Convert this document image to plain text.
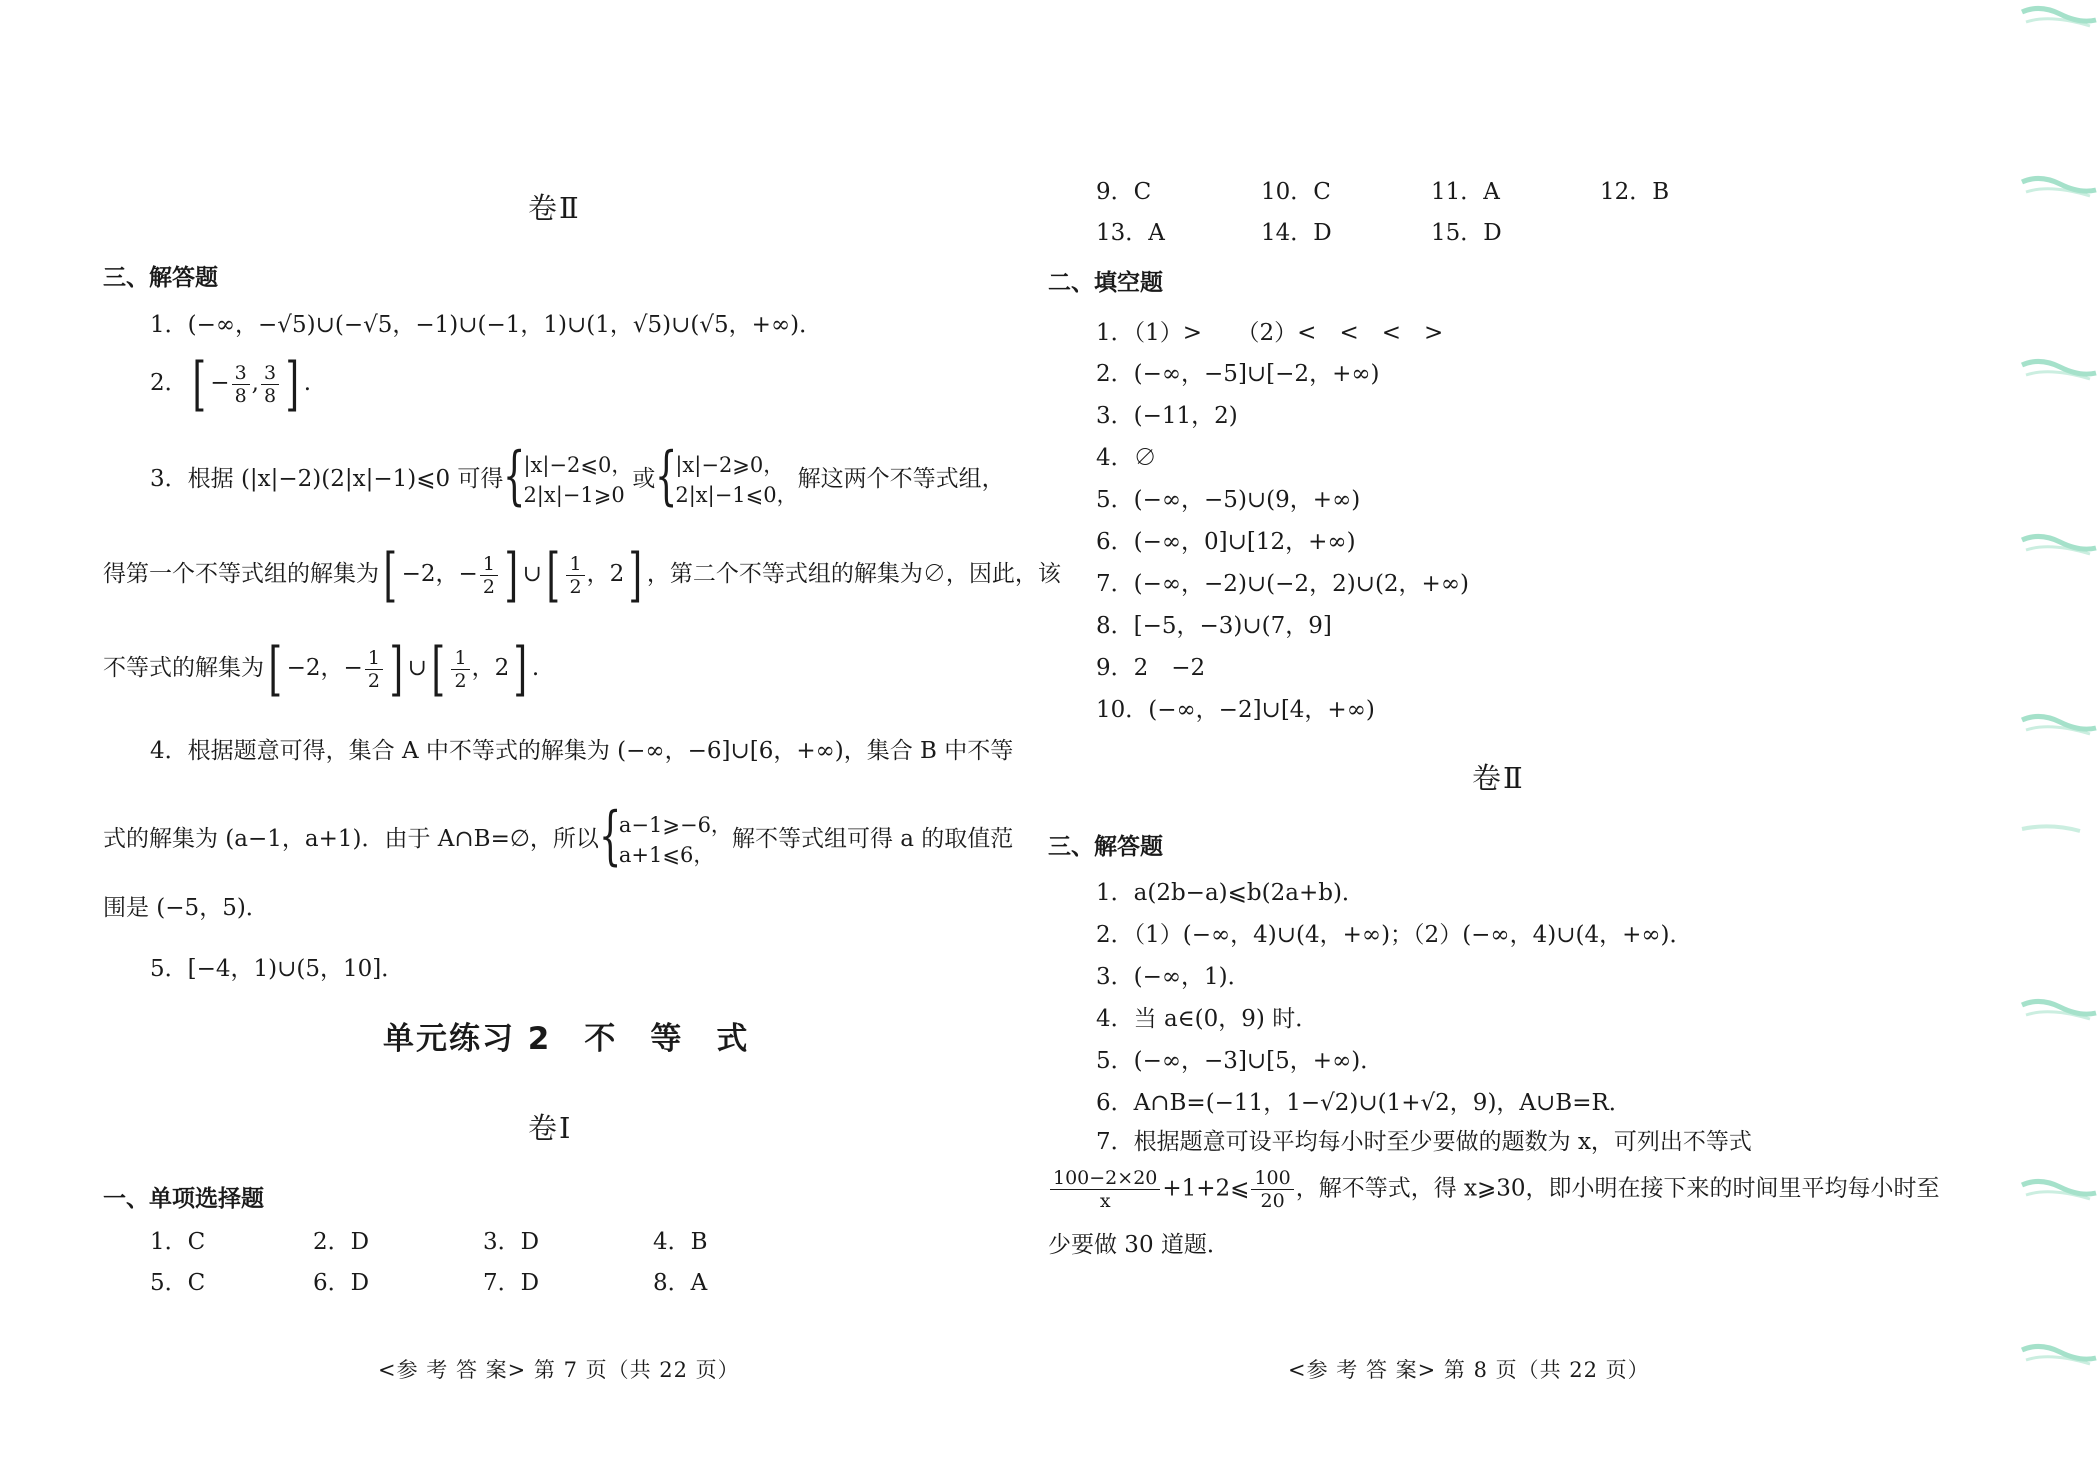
卷Ⅱ
三、解答题
1．(−∞，−√5)∪(−√5，−1)∪(−1，1)∪(1，√5)∪(√5，+∞)．
2．[ − $\frac{3}{8}$ , $\frac{3}{8}$ ] .
3．根据 (|x|−2)(2|x|−1)⩽0 可得
{ |x|−2⩽0，
2|x|−1⩾0
或
{ |x|−2⩾0，
2|x|−1⩽0，
解这两个不等式组，
得第一个不等式组的解集为[ −2，− $\frac{1}{2}$ ] ∪[ $\frac{1}{2}$ ，2] ，第二个不等式组的解集为∅，因此，该
不等式的解集为[ −2，− $\frac{1}{2}$ ] ∪[ $\frac{1}{2}$ ，2] .
4．根据题意可得，集合 A 中不等式的解集为 (−∞，−6]∪[6，+∞)，集合 B 中不等
式的解集为 (a−1，a+1)．由于 A∩B=∅，所以
{ a−1⩾−6，
a+1⩽6，
解不等式组可得 a 的取值范
围是 (−5，5)．
5．[−4，1)∪(5，10]．
单元练习 2　不　等　式
卷Ⅰ
一、单项选择题
1．C	2．D	3．D	4．B
5．C	6．D	7．D	8．A
<参 考 答 案> 第 7 页（共 22 页）
9．C	10．C	11．A	12．B
13．A	14．D	15．D
二、填空题
1．（1）>　　（2）<　<　<　>
2．(−∞，−5]∪[−2，+∞)
3．(−11，2)
4．∅
5．(−∞，−5)∪(9，+∞)
6．(−∞，0]∪[12，+∞)
7．(−∞，−2)∪(−2，2)∪(2，+∞)
8．[−5，−3)∪(7，9]
9．2　−2
10．(−∞，−2]∪[4，+∞)
卷Ⅱ
三、解答题
1．a(2b−a)⩽b(2a+b)．
2．（1）(−∞，4)∪(4，+∞)；（2）(−∞，4)∪(4，+∞)．
3．(−∞，1)．
4．当 a∈(0，9) 时．
5．(−∞，−3]∪[5，+∞)．
6．A∩B=(−11，1−√2)∪(1+√2，9)，A∪B=R．
7．根据题意可设平均每小时至少要做的题数为 x，可列出不等式
$\frac{100-2\times 20}{x}$ +1+2⩽ $\frac{100}{20}$ ，解不等式，得 x⩾30，即小明在接下来的时间里平均每小时至
少要做 30 道题．
<参 考 答 案> 第 8 页（共 22 页）
